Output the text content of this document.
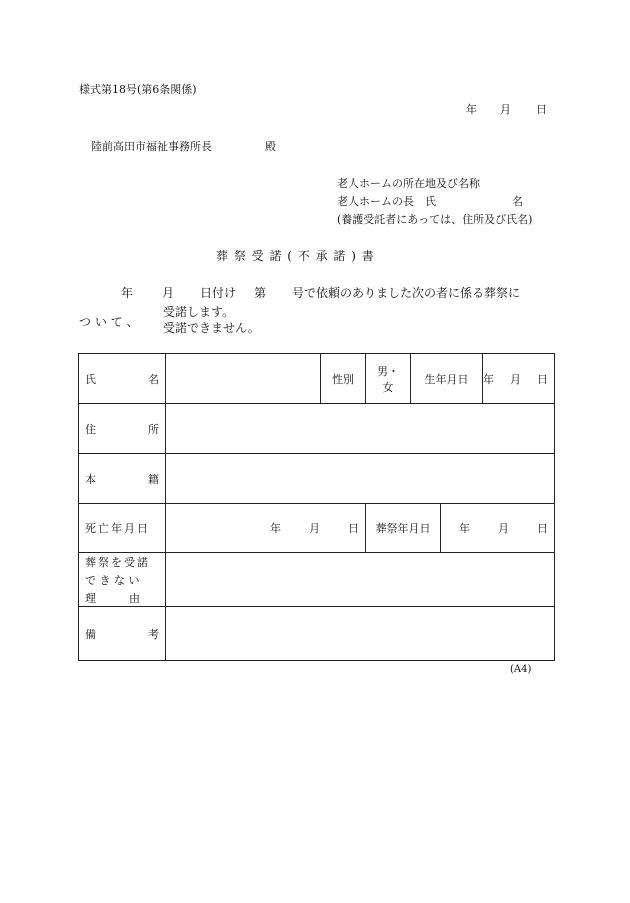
様式第18号(第6条関係)
年 月 日
陸前高田市福祉事務所長	殿
老人ホームの所在地及び名称
老人ホームの長　氏	名
(養護受託者にあっては、住所及び氏名)
葬 祭 受 諾 ( 不 承 諾 ) 書
年 月 日付け 第 号で依頼のありました次の者に係る葬祭に
つ い て 、
受諾します。
受諾できません。
氏 名		性別	男・女	生年月日		年 月 日

住 所						

本 籍						

死亡年月日	年 月 日		葬祭年月日		年 月 日	

葬祭を受諾
で き な い
理　　　由						

備 考						

(A4)
